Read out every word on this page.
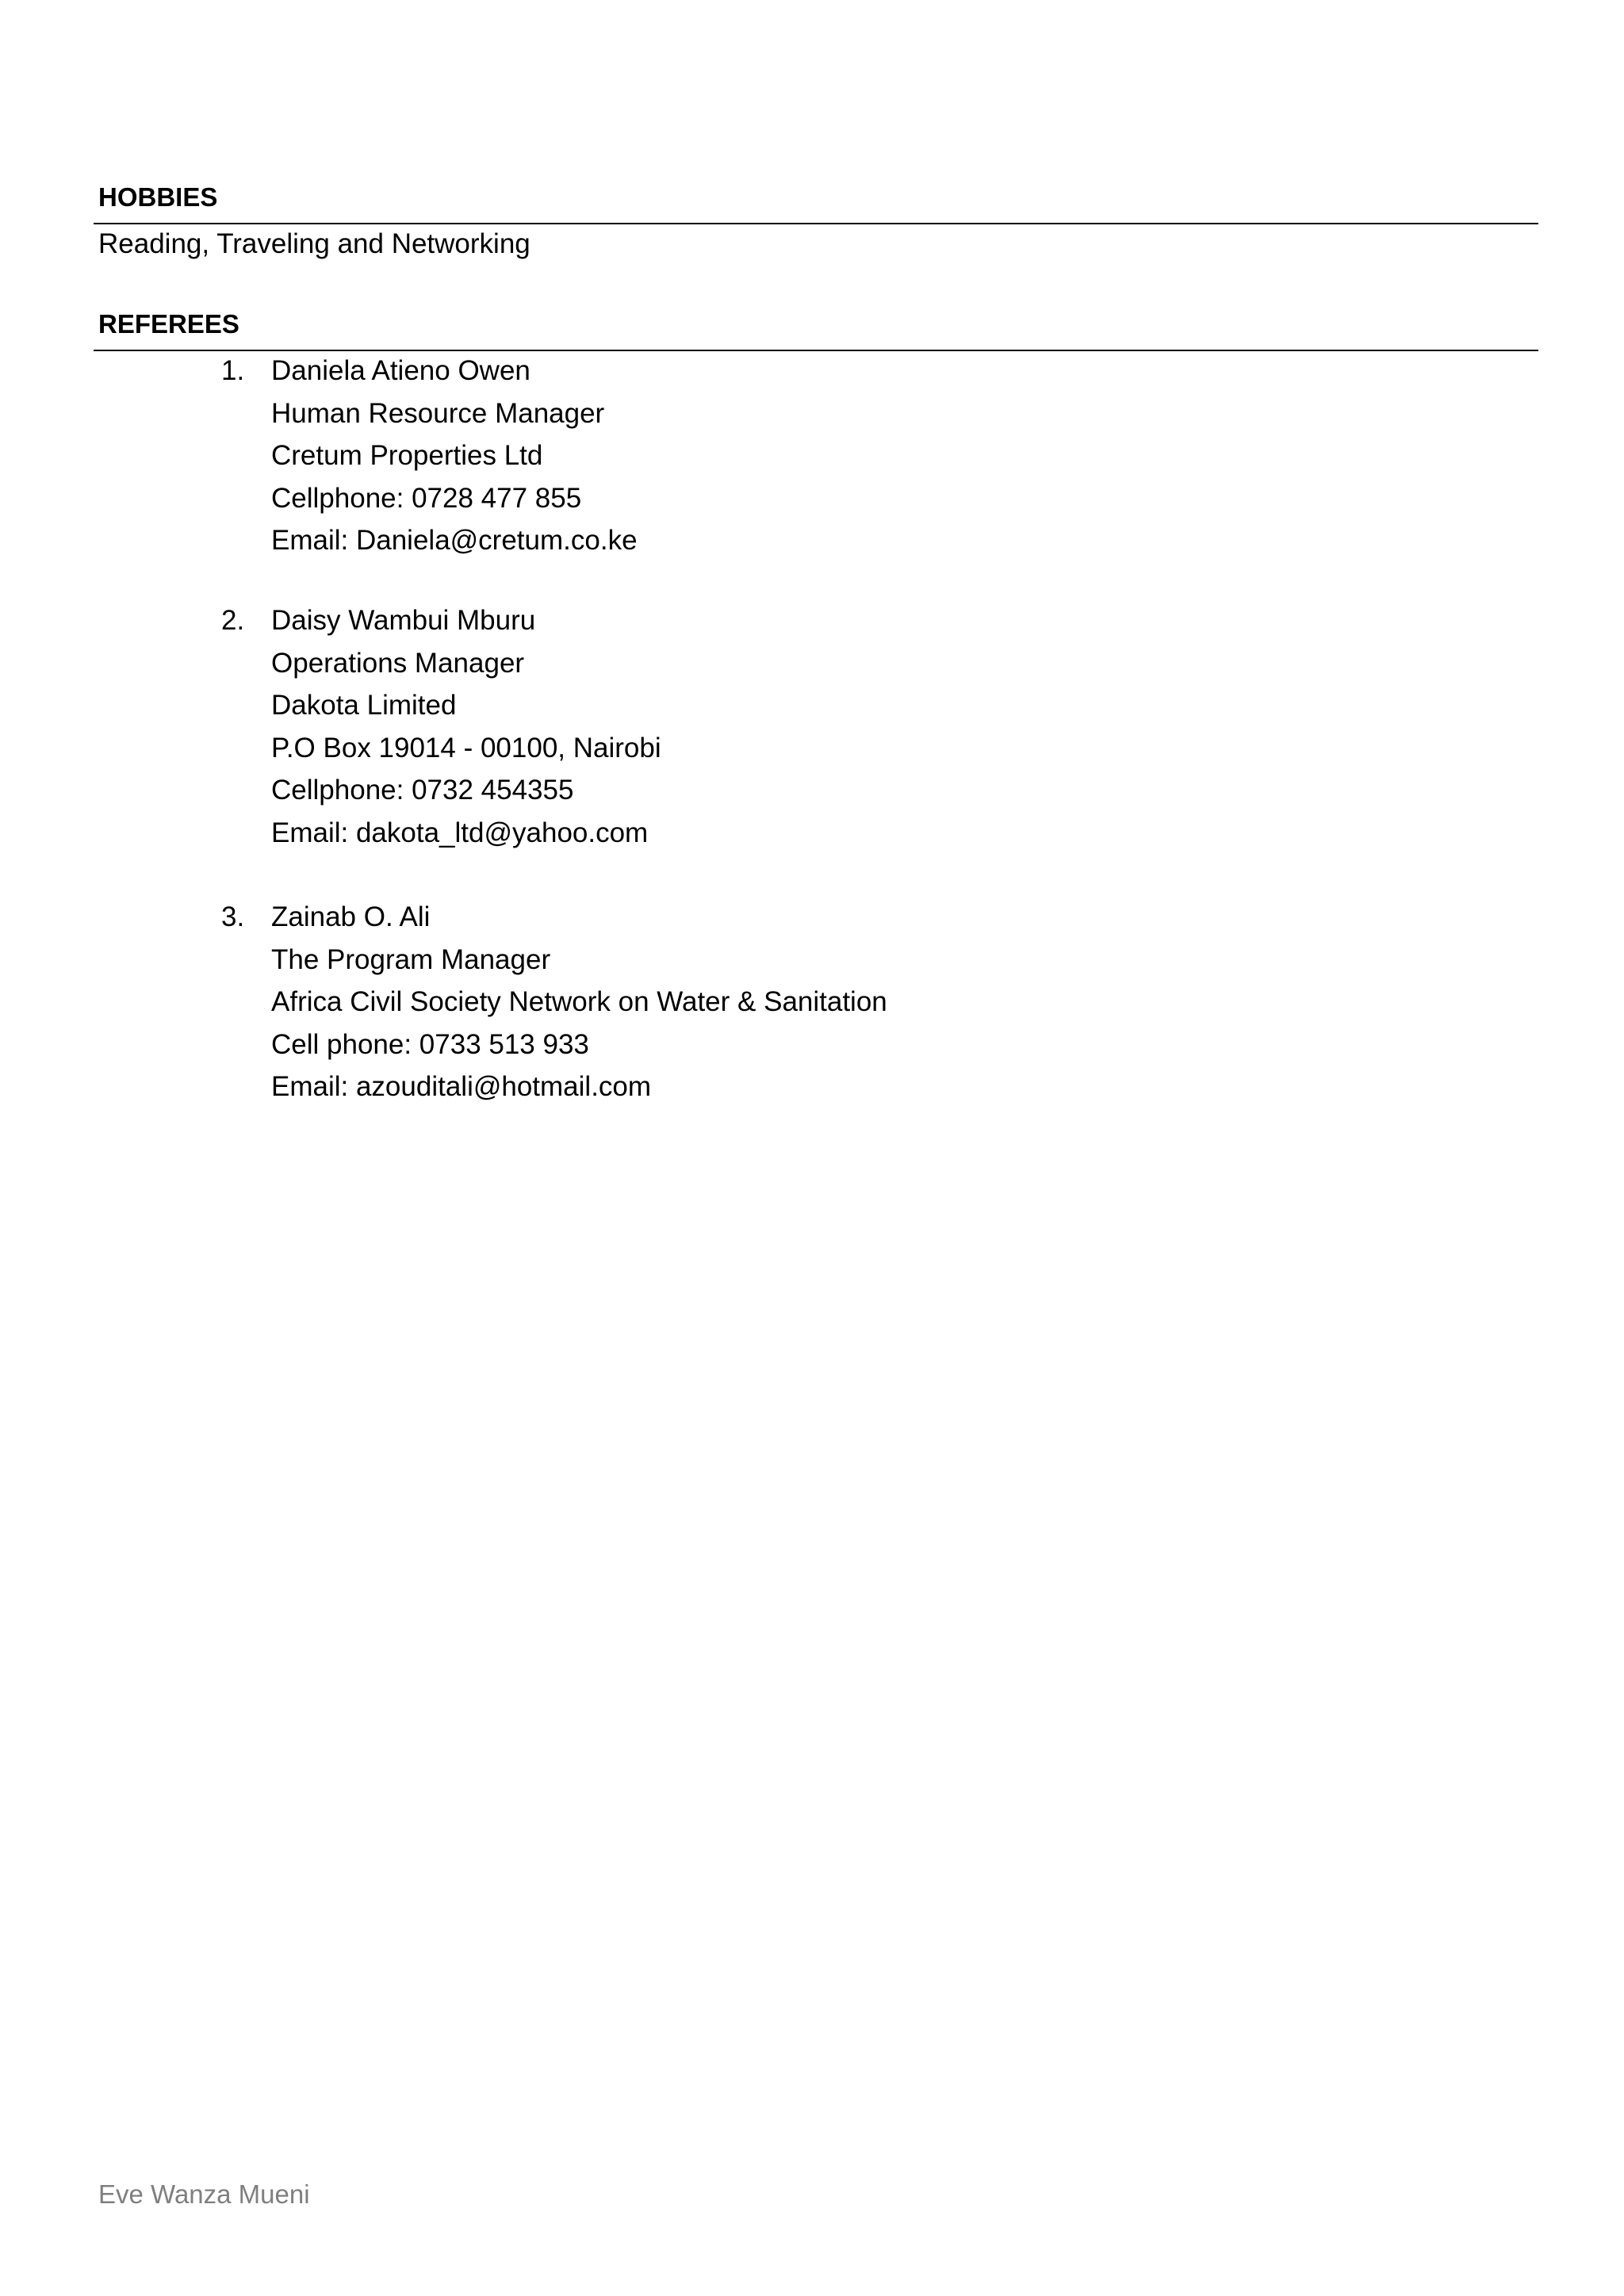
HOBBIES
Reading, Traveling and Networking
REFEREES
1. Daniela Atieno Owen
Human Resource Manager
Cretum Properties Ltd
Cellphone: 0728 477 855
Email: Daniela@cretum.co.ke
2. Daisy Wambui Mburu
Operations Manager
Dakota Limited
P.O Box 19014 - 00100, Nairobi
Cellphone: 0732 454355
Email: dakota_ltd@yahoo.com
3. Zainab O. Ali
The Program Manager
Africa Civil Society Network on Water & Sanitation
Cell phone: 0733 513 933
Email: azouditali@hotmail.com
Eve Wanza Mueni
